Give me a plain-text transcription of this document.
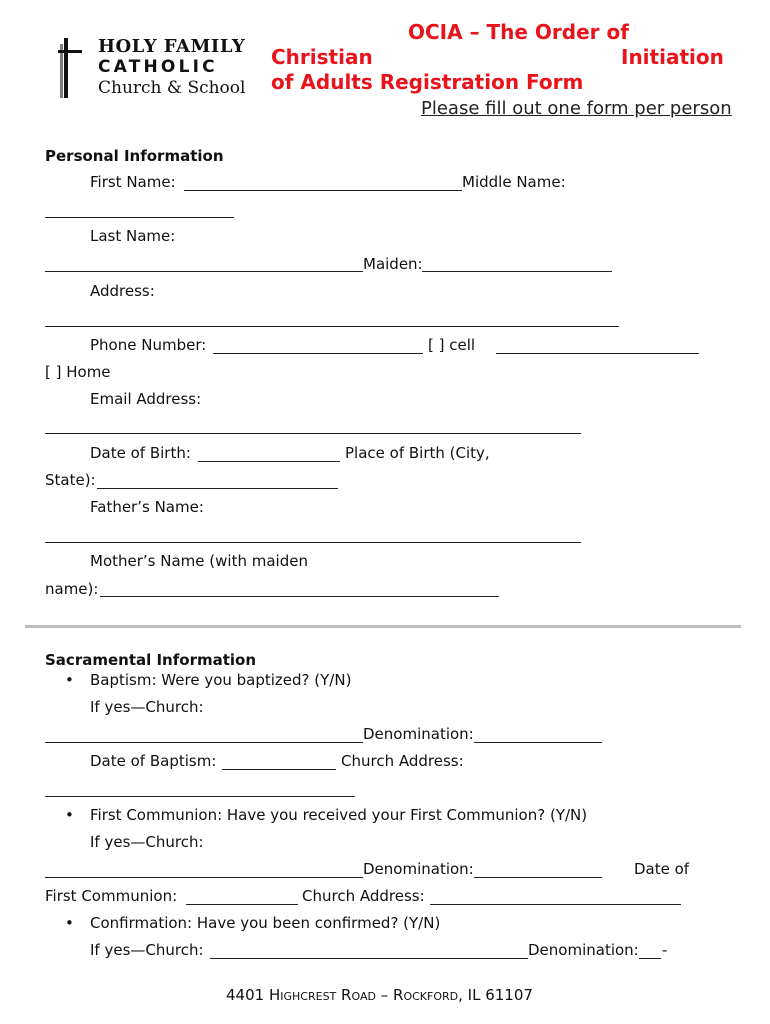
HOLY FAMILY
CATHOLIC
Church & School
OCIA – The Order of
Christian	Initiation
of Adults Registration Form
Please fill out one form per person
Personal Information
First Name:	Middle Name:
Last Name:
Maiden:
Address:
Phone Number:	[ ] cell
[ ] Home
Email Address:
Date of Birth:	Place of Birth (City,
State):
Father’s Name:
Mother’s Name (with maiden
name):
Sacramental Information
• Baptism: Were you baptized? (Y/N)
If yes—Church:
Denomination:
Date of Baptism:	Church Address:
• First Communion: Have you received your First Communion? (Y/N)
If yes—Church:
Denomination:	Date of
First Communion:	Church Address:
• Confirmation: Have you been confirmed? (Y/N)
If yes—Church:	Denomination: -
4401 HIGHCREST ROAD – ROCKFORD, IL 61107
